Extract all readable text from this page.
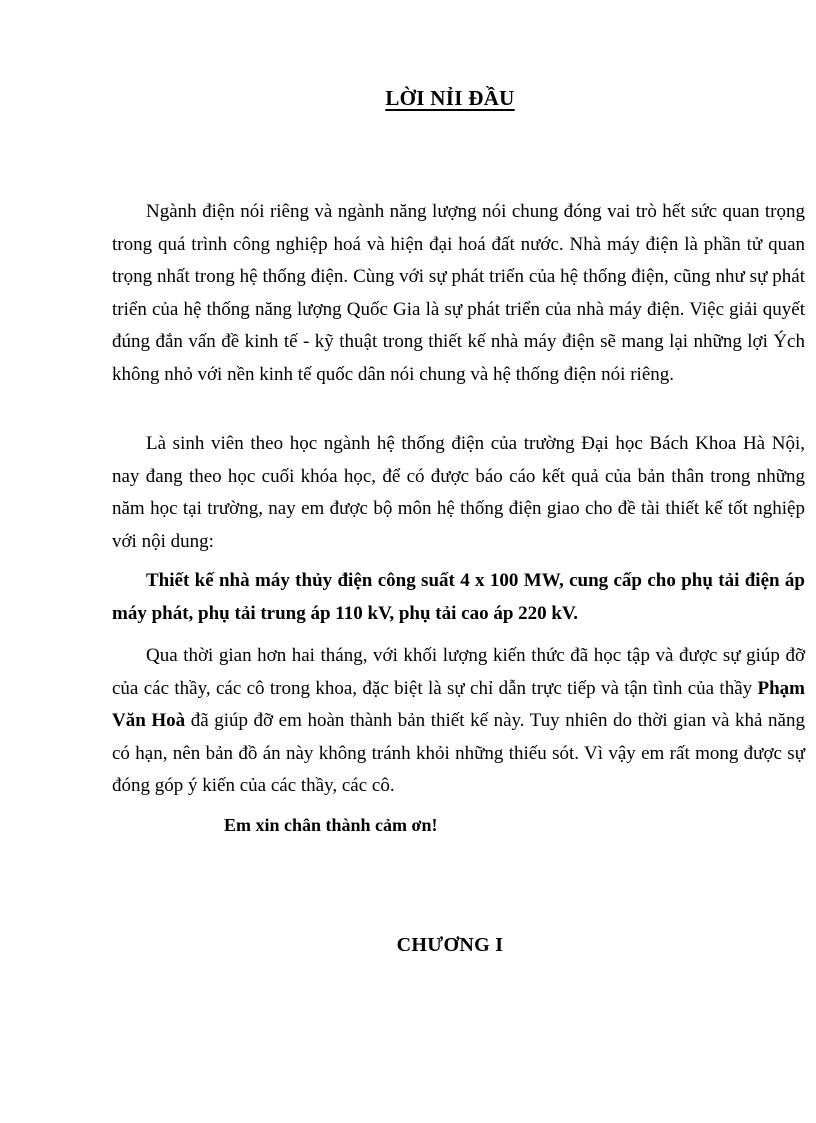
LỜI NỈI ĐẦU

Ngành điện nói riêng và ngành năng lượng nói chung đóng vai trò hết sức quan trọng trong quá trình công nghiệp hoá và hiện đại hoá đất nước. Nhà máy điện là phần tử quan trọng nhất trong hệ thống điện. Cùng với sự phát triển của hệ thống điện, cũng như sự phát triển của hệ thống năng lượng Quốc Gia là sự phát triển của nhà máy điện. Việc giải quyết đúng đắn vấn đề kinh tế - kỹ thuật trong thiết kế nhà máy điện sẽ mang lại những lợi Ých không nhỏ với nền kinh tế quốc dân nói chung và hệ thống điện nói riêng.

Là sinh viên theo học ngành hệ thống điện của trường Đại học Bách Khoa Hà Nội, nay đang theo học cuối khóa học, để có được báo cáo kết quả của bản thân trong những năm học tại trường, nay em được bộ môn hệ thống điện giao cho đề tài thiết kế tốt nghiệp với nội dung:

Thiết kế nhà máy thủy điện công suất 4 x 100 MW, cung cấp cho phụ tải điện áp máy phát, phụ tải trung áp 110 kV, phụ tải cao áp 220 kV.

Qua thời gian hơn hai tháng, với khối lượng kiến thức đã học tập và được sự giúp đỡ của các thầy, các cô trong khoa, đặc biệt là sự chỉ dẫn trực tiếp và tận tình của thầy Phạm Văn Hoà đã giúp đỡ em hoàn thành bản thiết kế này. Tuy nhiên do thời gian và khả năng có hạn, nên bản đồ án này không tránh khỏi những thiếu sót. Vì vậy em rất mong được sự đóng góp ý kiến của các thầy, các cô.

Em xin chân thành cảm ơn!
CHƯƠNG I
